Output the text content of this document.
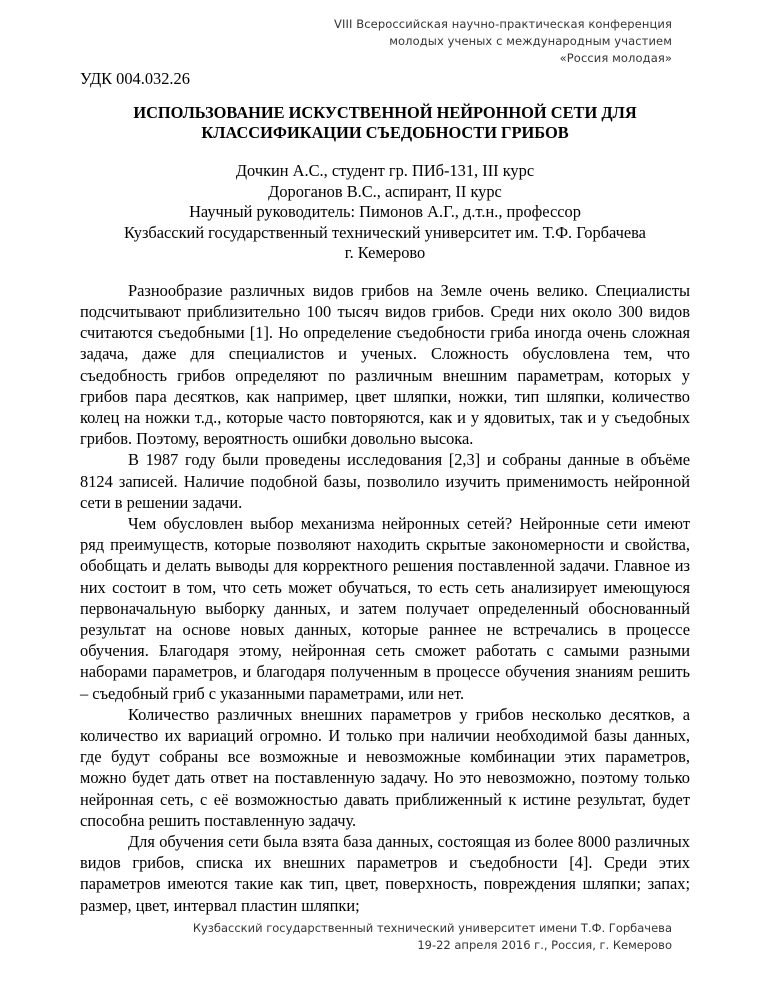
VIII Всероссийская научно-практическая конференция
молодых ученых с международным участием
«Россия молодая»
УДК 004.032.26
ИСПОЛЬЗОВАНИЕ ИСКУСТВЕННОЙ НЕЙРОННОЙ СЕТИ ДЛЯ
КЛАССИФИКАЦИИ СЪЕДОБНОСТИ ГРИБОВ
Дочкин А.С., студент гр. ПИб-131, III курс
Дороганов В.С., аспирант, II курс
Научный руководитель: Пимонов А.Г., д.т.н., профессор
Кузбасский государственный технический университет им. Т.Ф. Горбачева
г. Кемерово

Разнообразие различных видов грибов на Земле очень велико. Специалисты подсчитывают приблизительно 100 тысяч видов грибов. Среди них около 300 видов считаются съедобными [1]. Но определение съедобности гриба иногда очень сложная задача, даже для специалистов и ученых. Сложность обусловлена тем, что съедобность грибов определяют по различным внешним параметрам, которых у грибов пара десятков, как например, цвет шляпки, ножки, тип шляпки, количество колец на ножки т.д., которые часто повторяются, как и у ядовитых, так и у съедобных грибов. Поэтому, вероятность ошибки довольно высока.

В 1987 году были проведены исследования [2,3] и собраны данные в объёме 8124 записей. Наличие подобной базы, позволило изучить применимость нейронной сети в решении задачи.

Чем обусловлен выбор механизма нейронных сетей? Нейронные сети имеют ряд преимуществ, которые позволяют находить скрытые закономерности и свойства, обобщать и делать выводы для корректного решения поставленной задачи. Главное из них состоит в том, что сеть может обучаться, то есть сеть анализирует имеющуюся первоначальную выборку данных, и затем получает определенный обоснованный результат на основе новых данных, которые раннее не встречались в процессе обучения. Благодаря этому, нейронная сеть сможет работать с самыми разными наборами параметров, и благодаря полученным в процессе обучения знаниям решить – съедобный гриб с указанными параметрами, или нет.

Количество различных внешних параметров у грибов несколько десятков, а количество их вариаций огромно. И только при наличии необходимой базы данных, где будут собраны все возможные и невозможные комбинации этих параметров, можно будет дать ответ на поставленную задачу. Но это невозможно, поэтому только нейронная сеть, с её возможностью давать приближенный к истине результат, будет способна решить поставленную задачу.

Для обучения сети была взята база данных, состоящая из более 8000 различных видов грибов, списка их внешних параметров и съедобности [4]. Среди этих параметров имеются такие как тип, цвет, поверхность, повреждения шляпки; запах; размер, цвет, интервал пластин шляпки;

Кузбасский государственный технический университет имени Т.Ф. Горбачева
19-22 апреля 2016 г., Россия, г. Кемерово
